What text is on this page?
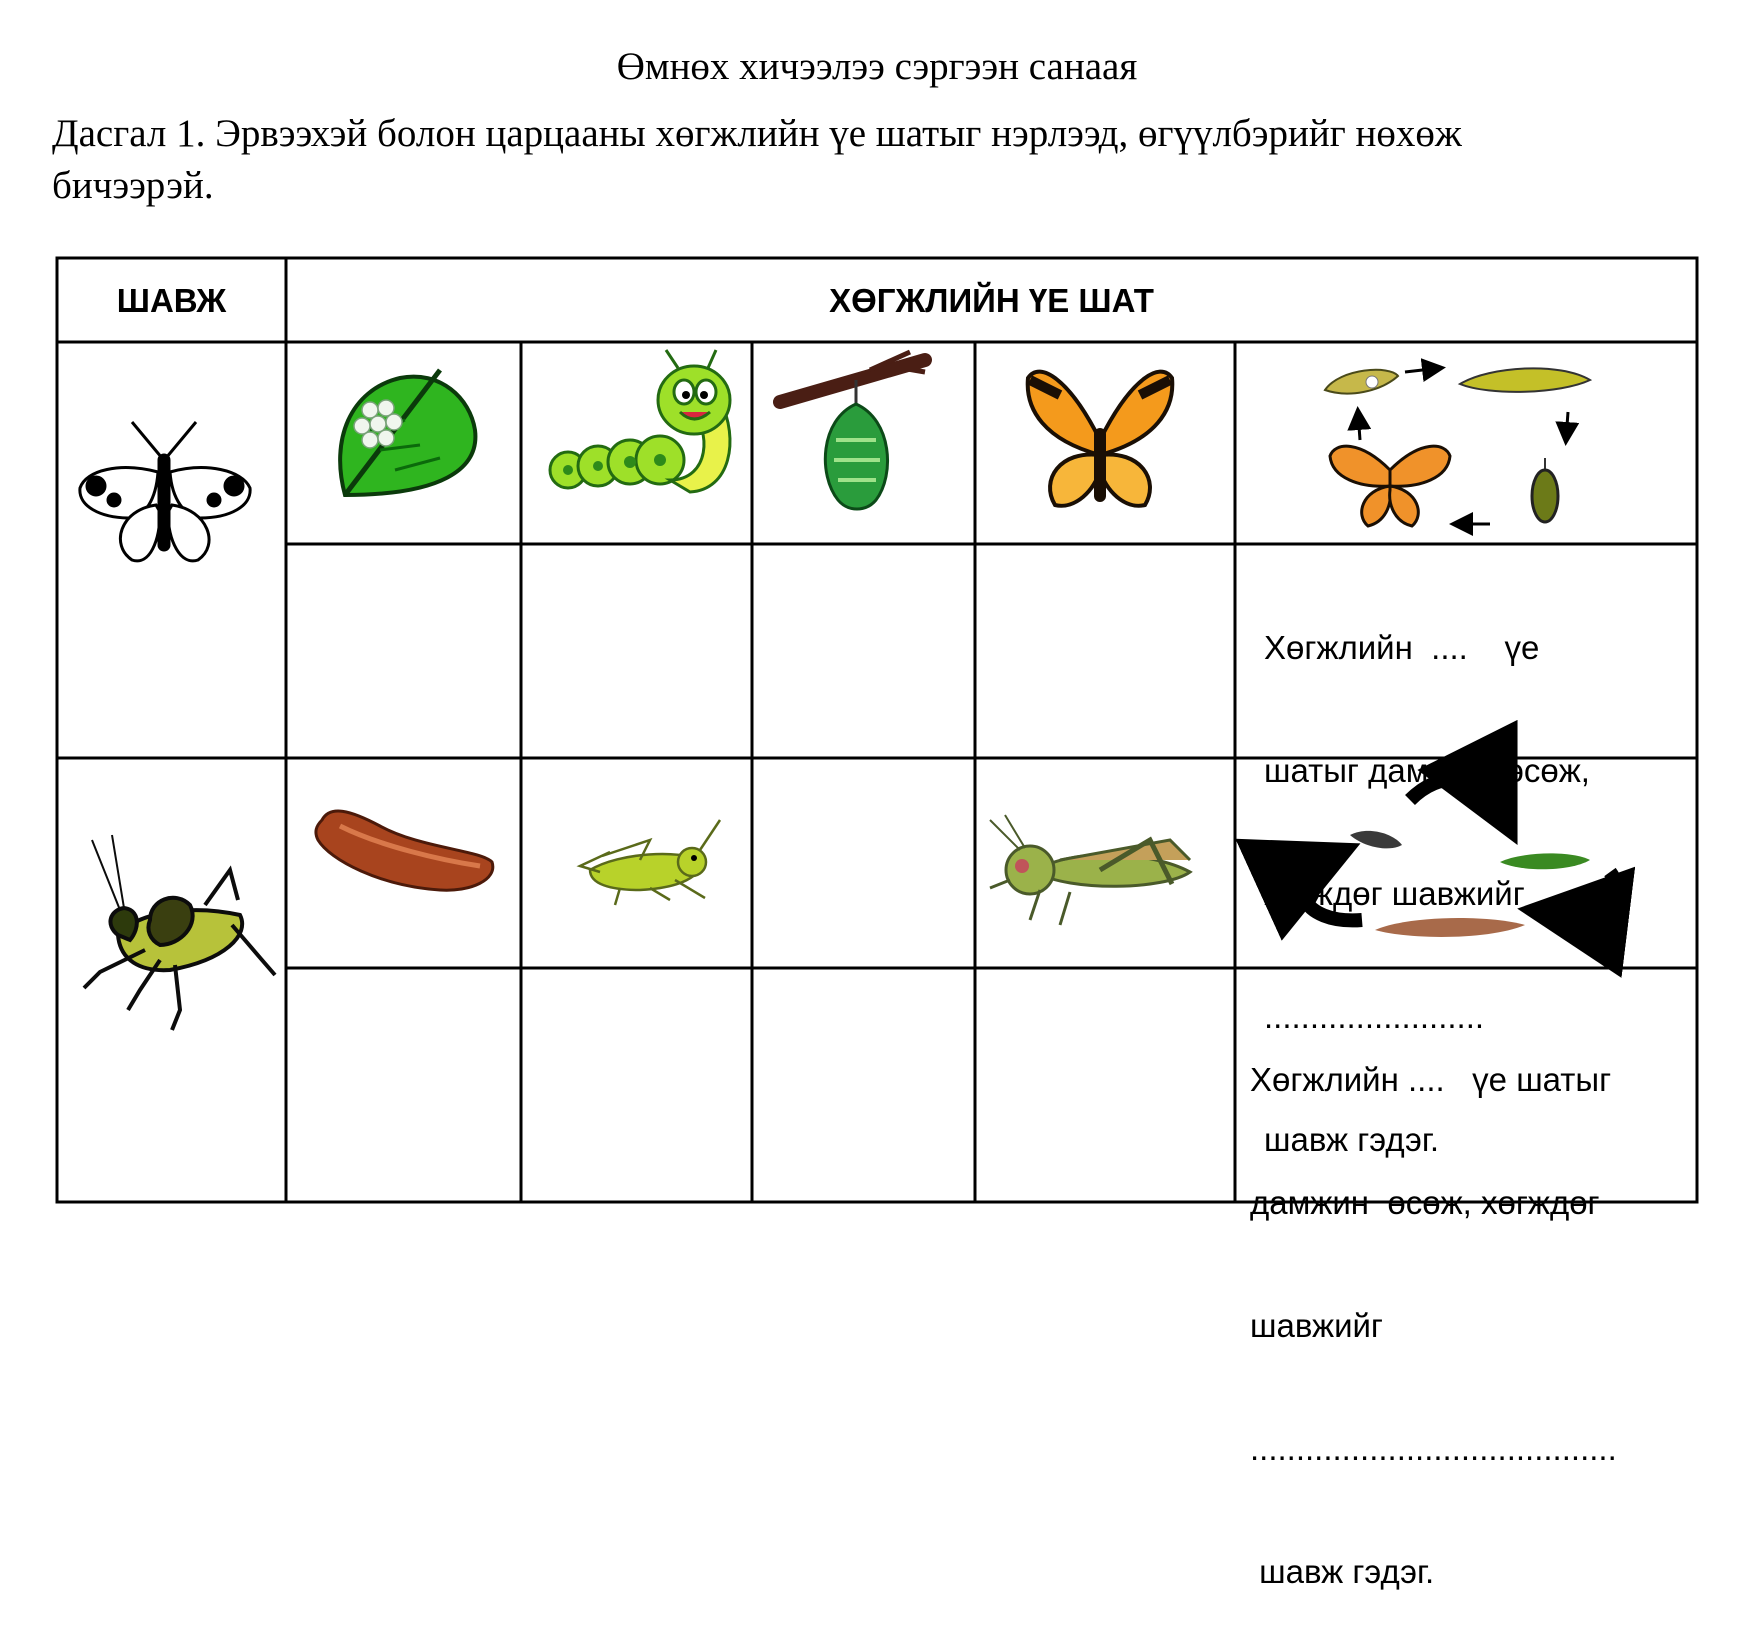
Өмнөх хичээлээ сэргээн санаая
Дасгал 1. Эрвээхэй болон царцааны хөгжлийн үе шатыг нэрлээд, өгүүлбэрийг нөхөж
бичээрэй.
ШАВЖ	ХӨГЖЛИЙН ҮЕ ШАТ

Хөгжлийн  ....    үе

шатыг дамжин  өсөж,

хөгждөг шавжийг

........................

шавж гэдэг.

Хөгжлийн ....   үе шатыг

дамжин  өсөж, хөгждөг

шавжийг

........................................

шавж гэдэг.
